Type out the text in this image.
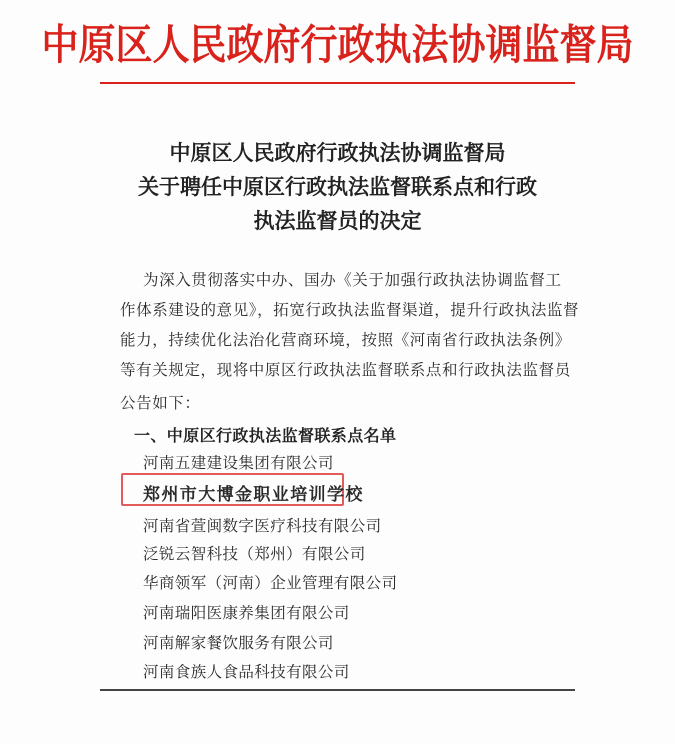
中原区人民政府行政执法协调监督局
中原区人民政府行政执法协调监督局
关于聘任中原区行政执法监督联系点和行政
执法监督员的决定
为深入贯彻落实中办、国办《关于加强行政执法协调监督工
作体系建设的意见》，拓宽行政执法监督渠道，提升行政执法监督
能力，持续优化法治化营商环境，按照《河南省行政执法条例》
等有关规定，现将中原区行政执法监督联系点和行政执法监督员
公告如下：
一、中原区行政执法监督联系点名单
河南五建建设集团有限公司
郑州市大博金职业培训学校
河南省萱闽数字医疗科技有限公司
泛锐云智科技（郑州）有限公司
华商领军（河南）企业管理有限公司
河南瑞阳医康养集团有限公司
河南解家餐饮服务有限公司
河南食族人食品科技有限公司
